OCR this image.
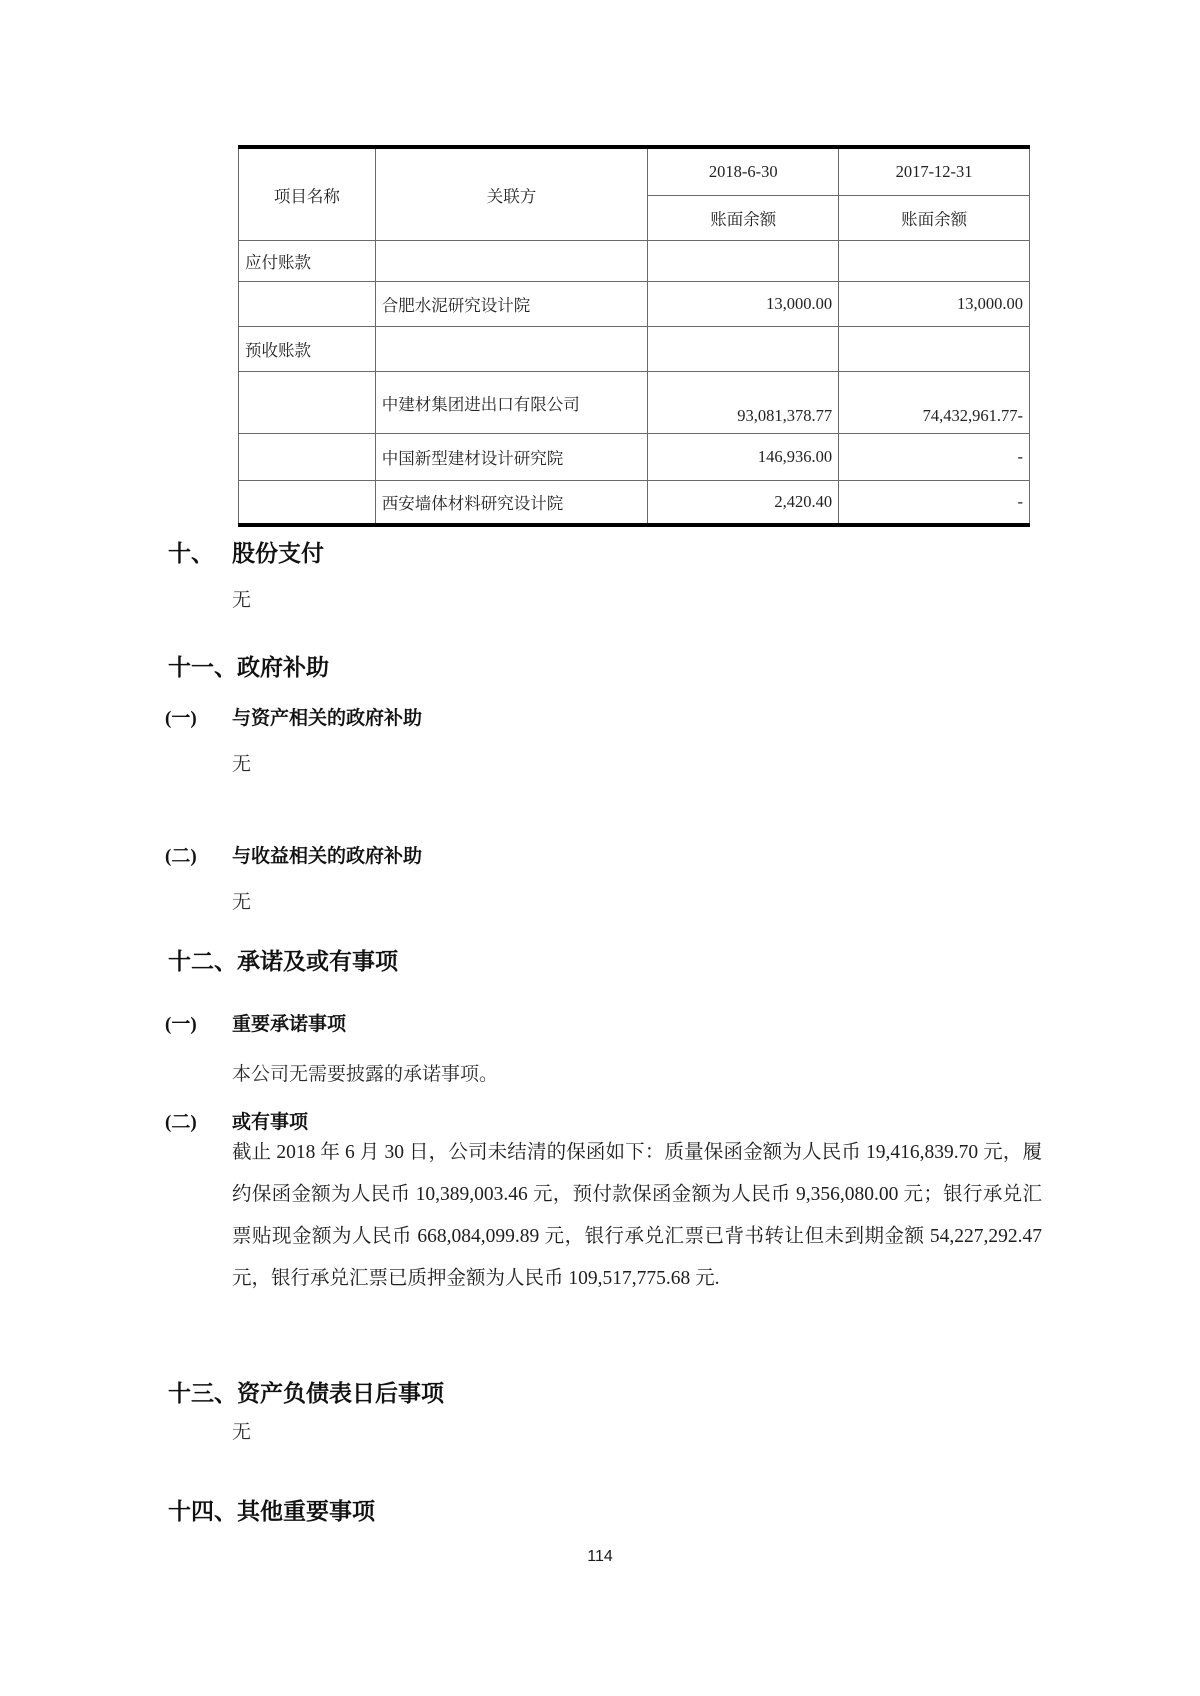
项目名称	关联方	2018-6-30	2017-12-31
		账面余额	账面余额
应付账款			
	合肥水泥研究设计院	13,000.00	13,000.00
预收账款			
	中建材集团进出口有限公司	93,081,378.77	74,432,961.77-
	中国新型建材设计研究院	146,936.00	-
	西安墙体材料研究设计院	2,420.40	-
十、 股份支付
无
十一、 政府补助
(一)	与资产相关的政府补助
无
(二)	与收益相关的政府补助
无
十二、 承诺及或有事项
(一)	重要承诺事项
本公司无需要披露的承诺事项。
(二)	或有事项
截止 2018 年 6 月 30 日，公司未结清的保函如下：质量保函金额为人民币 19,416,839.70 元，履约保函金额为人民币 10,389,003.46 元，预付款保函金额为人民币 9,356,080.00 元；银行承兑汇票贴现金额为人民币 668,084,099.89 元，银行承兑汇票已背书转让但未到期金额 54,227,292.47 元，银行承兑汇票已质押金额为人民币 109,517,775.68 元.
十三、 资产负债表日后事项
无
十四、 其他重要事项
114
